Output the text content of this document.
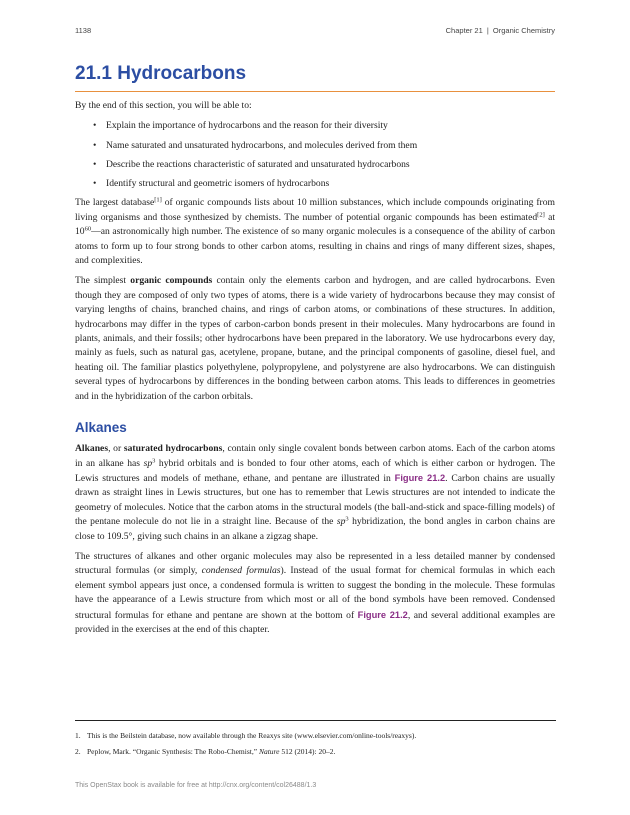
1138	Chapter 21 | Organic Chemistry
21.1 Hydrocarbons

By the end of this section, you will be able to:

• Explain the importance of hydrocarbons and the reason for their diversity
• Name saturated and unsaturated hydrocarbons, and molecules derived from them
• Describe the reactions characteristic of saturated and unsaturated hydrocarbons
• Identify structural and geometric isomers of hydrocarbons

The largest database[1] of organic compounds lists about 10 million substances, which include compounds originating from living organisms and those synthesized by chemists. The number of potential organic compounds has been estimated[2] at $10^{60}—an$ astronomically high number. The existence of so many organic molecules is a consequence of the ability of carbon atoms to form up to four strong bonds to other carbon atoms, resulting in chains and rings of many different sizes, shapes, and complexities.

The simplest organic compounds contain only the elements carbon and hydrogen, and are called hydrocarbons. Even though they are composed of only two types of atoms, there is a wide variety of hydrocarbons because they may consist of varying lengths of chains, branched chains, and rings of carbon atoms, or combinations of these structures. In addition, hydrocarbons may differ in the types of carbon-carbon bonds present in their molecules. Many hydrocarbons are found in plants, animals, and their fossils; other hydrocarbons have been prepared in the laboratory. We use hydrocarbons every day, mainly as fuels, such as natural gas, acetylene, propane, butane, and the principal components of gasoline, diesel fuel, and heating oil. The familiar plastics polyethylene, polypropylene, and polystyrene are also hydrocarbons. We can distinguish several types of hydrocarbons by differences in the bonding between carbon atoms. This leads to differences in geometries and in the hybridization of the carbon orbitals.

Alkanes

Alkanes, or saturated hydrocarbons, contain only single covalent bonds between carbon atoms. Each of the carbon atoms in an alkane has $sp^3$ hybrid orbitals and is bonded to four other atoms, each of which is either carbon or hydrogen. The Lewis structures and models of methane, ethane, and pentane are illustrated in Figure 21.2. Carbon chains are usually drawn as straight lines in Lewis structures, but one has to remember that Lewis structures are not intended to indicate the geometry of molecules. Notice that the carbon atoms in the structural models (the ball-and-stick and space-filling models) of the pentane molecule do not lie in a straight line. Because of the $sp^3$ hybridization, the bond angles in carbon chains are close to 109.5°, giving such chains in an alkane a zigzag shape.

The structures of alkanes and other organic molecules may also be represented in a less detailed manner by condensed structural formulas (or simply, condensed formulas). Instead of the usual format for chemical formulas in which each element symbol appears just once, a condensed formula is written to suggest the bonding in the molecule. These formulas have the appearance of a Lewis structure from which most or all of the bond symbols have been removed. Condensed structural formulas for ethane and pentane are shown at the bottom of Figure 21.2, and several additional examples are provided in the exercises at the end of this chapter.

1. This is the Beilstein database, now available through the Reaxys site (www.elsevier.com/online-tools/reaxys).
2. Peplow, Mark. “Organic Synthesis: The Robo-Chemist,” Nature 512 (2014): 20–2.
This OpenStax book is available for free at http://cnx.org/content/col26488/1.3
